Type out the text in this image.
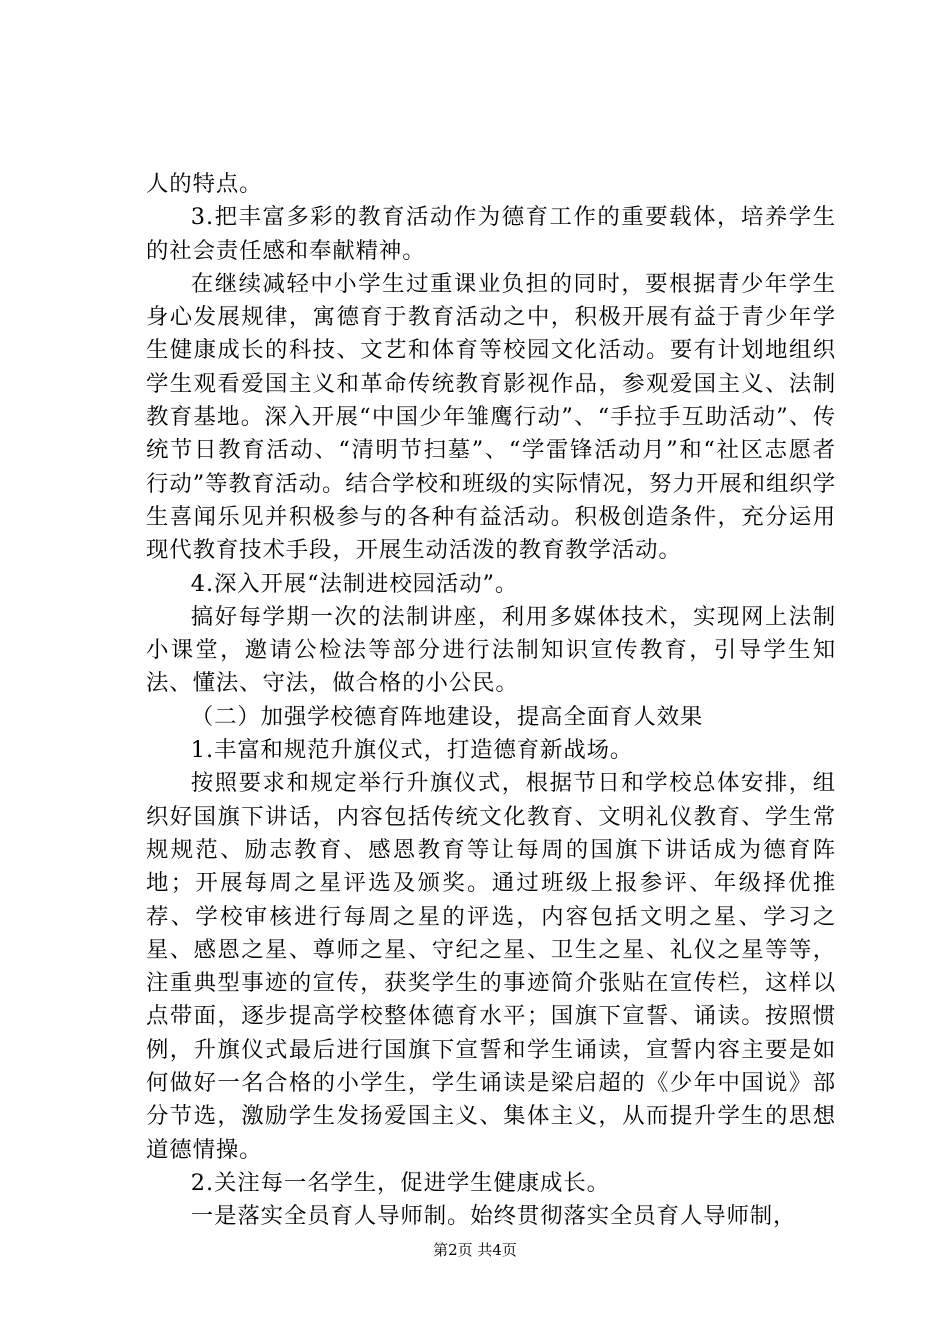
人的特点。

3.把丰富多彩的教育活动作为德育工作的重要载体，培养学生的社会责任感和奉献精神。

在继续减轻中小学生过重课业负担的同时，要根据青少年学生身心发展规律，寓德育于教育活动之中，积极开展有益于青少年学生健康成长的科技、文艺和体育等校园文化活动。要有计划地组织学生观看爱国主义和革命传统教育影视作品，参观爱国主义、法制教育基地。深入开展“中国少年雏鹰行动”、“手拉手互助活动”、传统节日教育活动、“清明节扫墓”、“学雷锋活动月”和“社区志愿者行动”等教育活动。结合学校和班级的实际情况，努力开展和组织学生喜闻乐见并积极参与的各种有益活动。积极创造条件，充分运用现代教育技术手段，开展生动活泼的教育教学活动。

4.深入开展“法制进校园活动”。

搞好每学期一次的法制讲座，利用多媒体技术，实现网上法制小课堂，邀请公检法等部分进行法制知识宣传教育，引导学生知法、懂法、守法，做合格的小公民。

（二）加强学校德育阵地建设，提高全面育人效果

1.丰富和规范升旗仪式，打造德育新战场。

按照要求和规定举行升旗仪式，根据节日和学校总体安排，组织好国旗下讲话，内容包括传统文化教育、文明礼仪教育、学生常规规范、励志教育、感恩教育等让每周的国旗下讲话成为德育阵地；开展每周之星评选及颁奖。通过班级上报参评、年级择优推荐、学校审核进行每周之星的评选，内容包括文明之星、学习之星、感恩之星、尊师之星、守纪之星、卫生之星、礼仪之星等等，注重典型事迹的宣传，获奖学生的事迹简介张贴在宣传栏，这样以点带面，逐步提高学校整体德育水平；国旗下宣誓、诵读。按照惯例，升旗仪式最后进行国旗下宣誓和学生诵读，宣誓内容主要是如何做好一名合格的小学生，学生诵读是梁启超的《少年中国说》部分节选，激励学生发扬爱国主义、集体主义，从而提升学生的思想道德情操。

2.关注每一名学生，促进学生健康成长。

一是落实全员育人导师制。始终贯彻落实全员育人导师制，

第2页 共4页
